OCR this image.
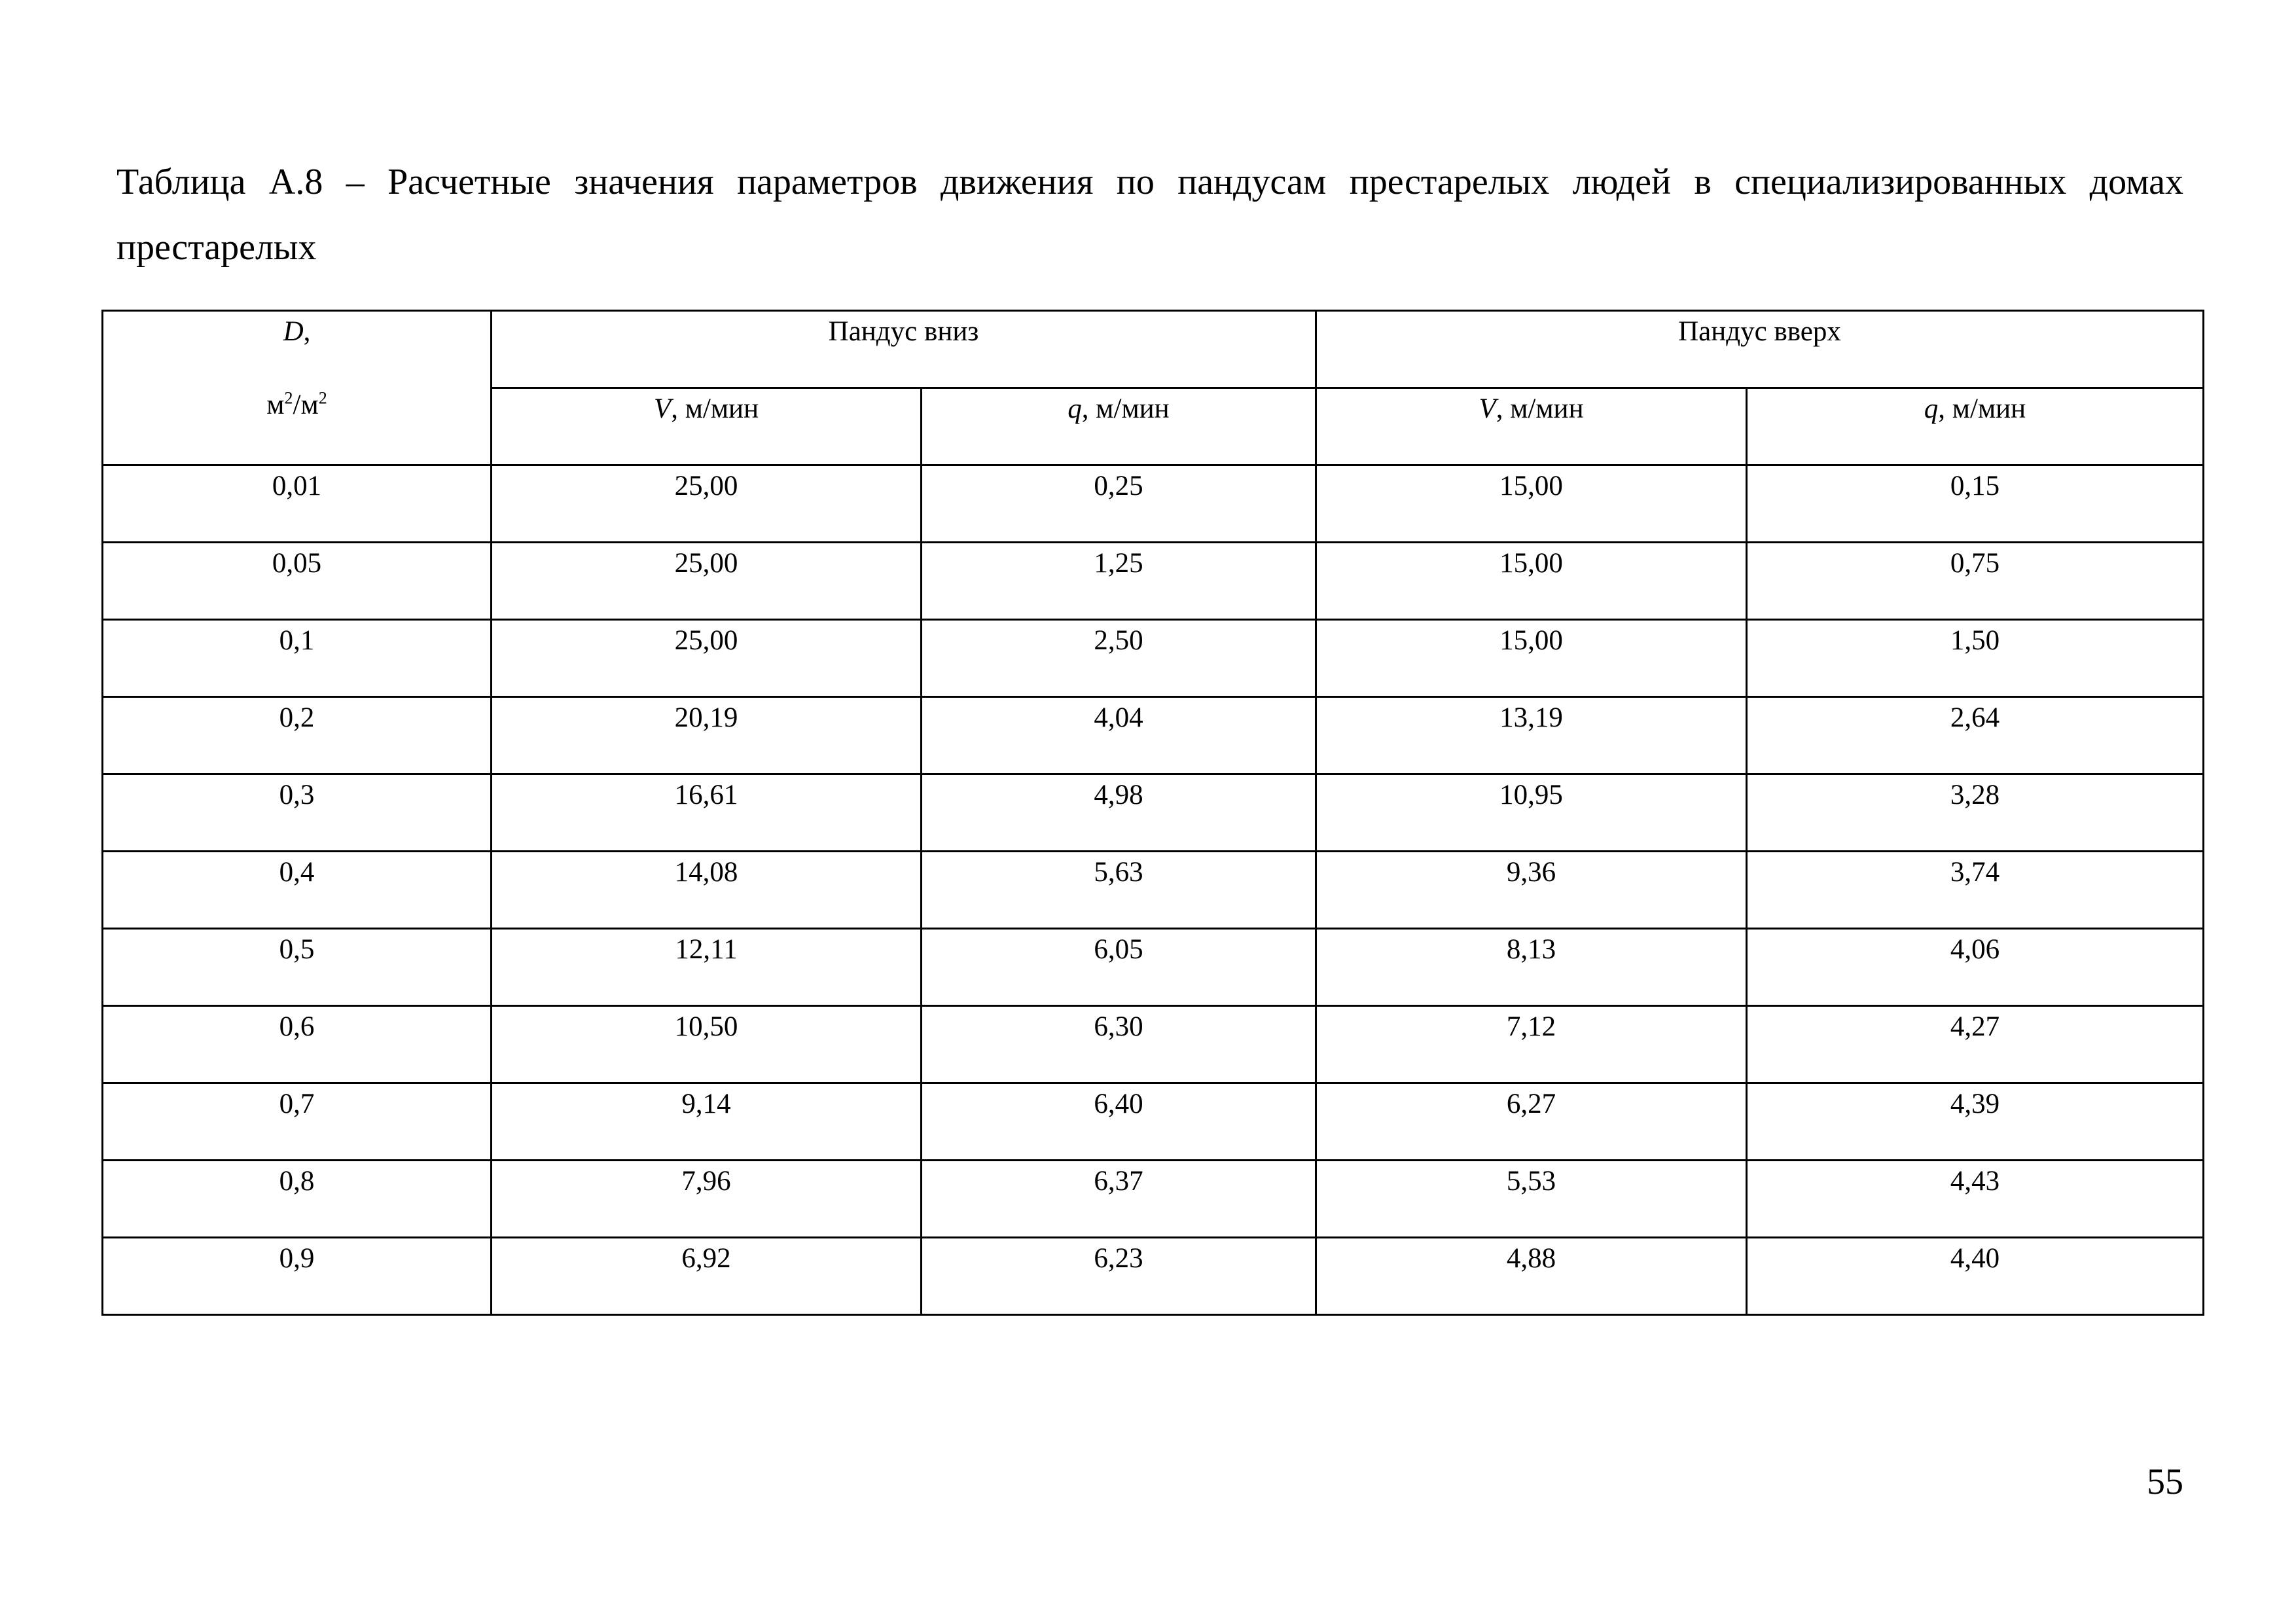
Таблица А.8 – Расчетные значения параметров движения по пандусам престарелых людей в специализированных домах престарелых

D,
$м^2/м^2$	Пандус вниз		Пандус вверх	
	V, м/мин	q, м/мин	V, м/мин	q, м/мин
0,01	25,00	0,25	15,00	0,15
0,05	25,00	1,25	15,00	0,75
0,1	25,00	2,50	15,00	1,50
0,2	20,19	4,04	13,19	2,64
0,3	16,61	4,98	10,95	3,28
0,4	14,08	5,63	9,36	3,74
0,5	12,11	6,05	8,13	4,06
0,6	10,50	6,30	7,12	4,27
0,7	9,14	6,40	6,27	4,39
0,8	7,96	6,37	5,53	4,43
0,9	6,92	6,23	4,88	4,40
55
